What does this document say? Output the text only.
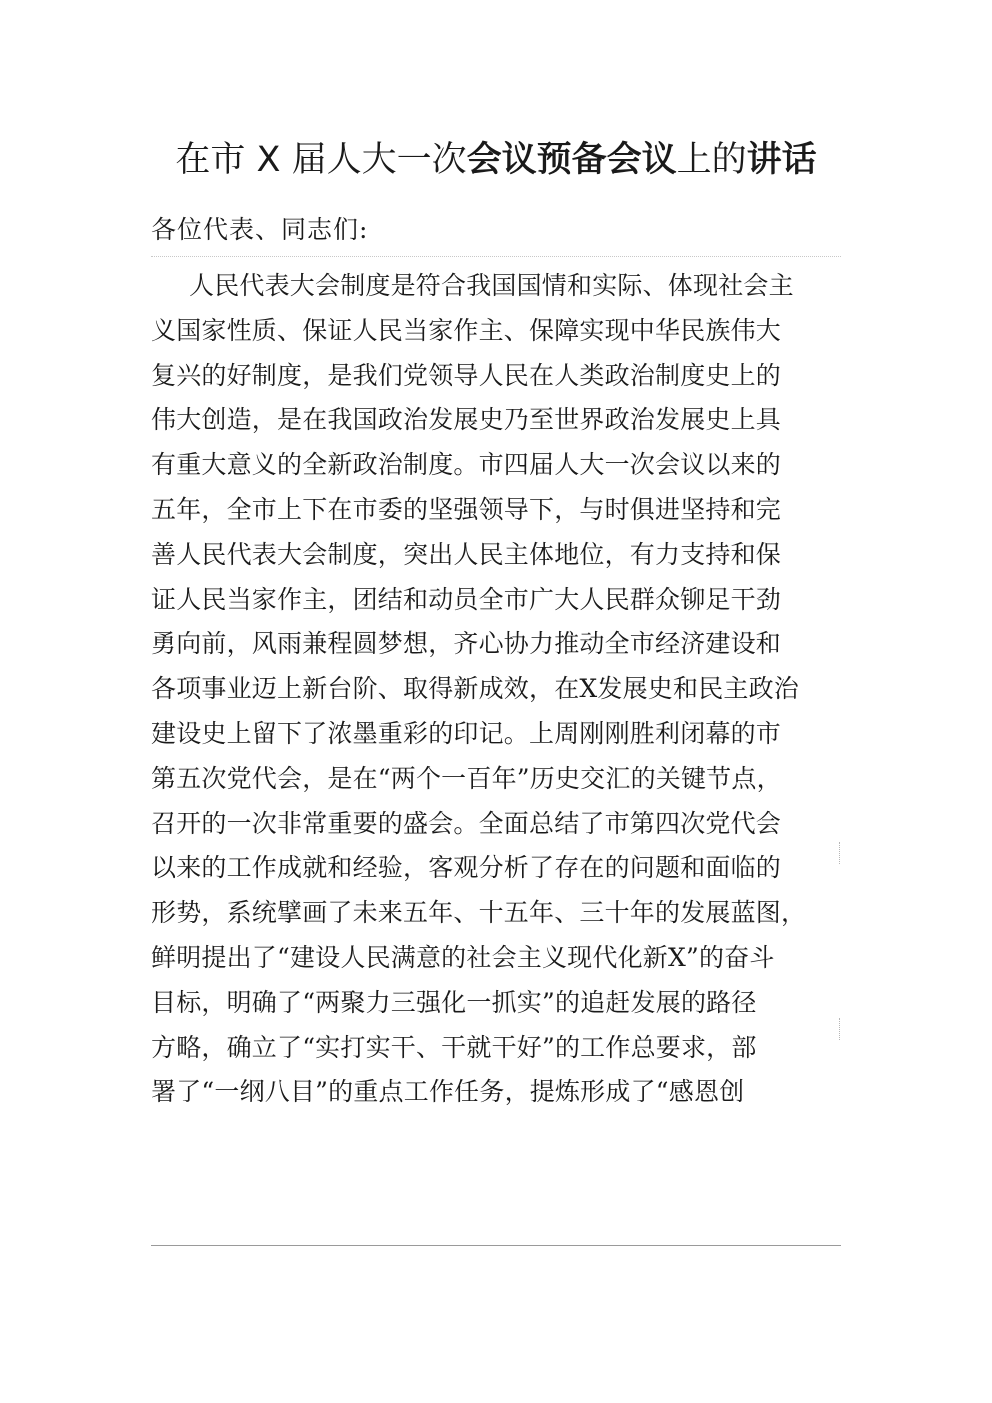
在市 X 届人大一次会议预备会议上的讲话

各位代表、同志们:

人民代表大会制度是符合我国国情和实际、体现社会主
义国家性质、保证人民当家作主、保障实现中华民族伟大
复兴的好制度，是我们党领导人民在人类政治制度史上的
伟大创造，是在我国政治发展史乃至世界政治发展史上具
有重大意义的全新政治制度。市四届人大一次会议以来的
五年，全市上下在市委的坚强领导下，与时俱进坚持和完
善人民代表大会制度，突出人民主体地位，有力支持和保
证人民当家作主，团结和动员全市广大人民群众铆足干劲
勇向前，风雨兼程圆梦想，齐心协力推动全市经济建设和
各项事业迈上新台阶、取得新成效，在X发展史和民主政治
建设史上留下了浓墨重彩的印记。上周刚刚胜利闭幕的市
第五次党代会，是在“两个一百年”历史交汇的关键节点，
召开的一次非常重要的盛会。全面总结了市第四次党代会
以来的工作成就和经验，客观分析了存在的问题和面临的
形势，系统擘画了未来五年、十五年、三十年的发展蓝图，
鲜明提出了“建设人民满意的社会主义现代化新X”的奋斗
目标，明确了“两聚力三强化一抓实”的追赶发展的路径
方略，确立了“实打实干、干就干好”的工作总要求，部
署了“一纲八目”的重点工作任务，提炼形成了“感恩创
